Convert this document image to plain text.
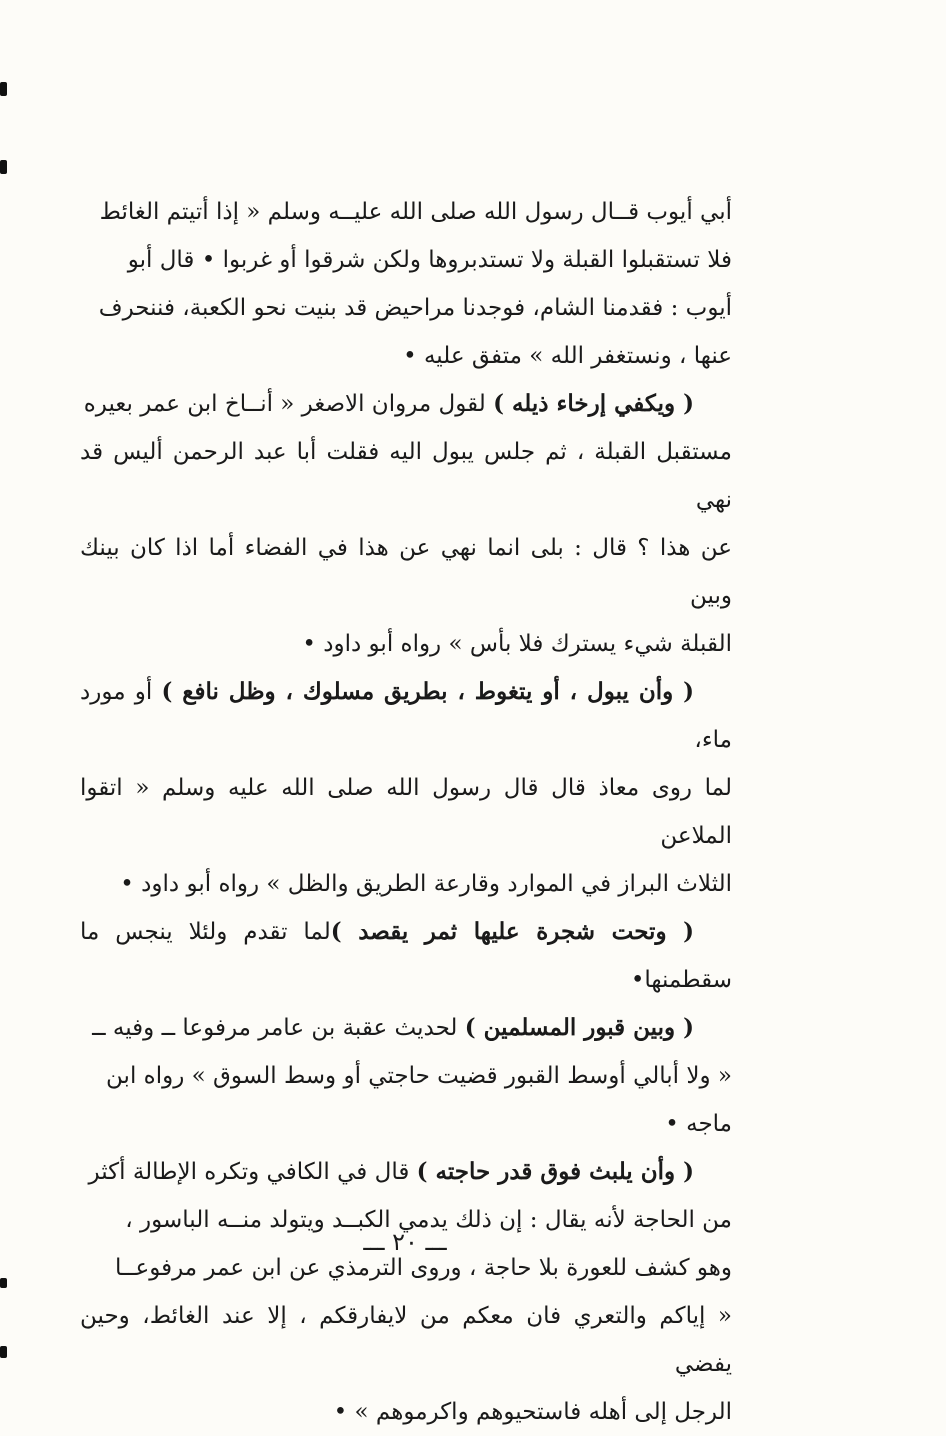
أبي أيوب قــال رسول الله صلى الله عليــه وسلم « إذا أتيتم الغائط
فلا تستقبلوا القبلة ولا تستدبروها ولكن شرقوا أو غربوا • قال أبو
أيوب : فقدمنا الشام، فوجدنا مراحيض قد بنيت نحو الكعبة، فننحرف
عنها ، ونستغفر الله » متفق عليه •

( ويكفي إرخاء ذيله ) لقول مروان الاصغر « أنــاخ ابن عمر بعيره
مستقبل القبلة ، ثم جلس يبول اليه فقلت أبا عبد الرحمن أليس قد نهي
عن هذا ؟ قال : بلى انما نهي عن هذا في الفضاء أما اذا كان بينك وبين
القبلة شيء يسترك فلا بأس » رواه أبو داود •

( وأن يبول ، أو يتغوط ، بطريق مسلوك ، وظل نافع ) أو مورد ماء،
لما روى معاذ قال قال رسول الله صلى الله عليه وسلم « اتقوا الملاعن
الثلاث البراز في الموارد وقارعة الطريق والظل » رواه أبو داود •

( وتحت شجرة عليها ثمر يقصد )لما تقدم ولئلا ينجس ما سقطمنها•

( وبين قبور المسلمين ) لحديث عقبة بن عامر مرفوعا ــ وفيه ــ
« ولا أبالي أوسط القبور قضيت حاجتي أو وسط السوق » رواه ابن
ماجه •

( وأن يلبث فوق قدر حاجته ) قال في الكافي وتكره الإطالة أكثر
من الحاجة لأنه يقال : إن ذلك يدمي الكبــد ويتولد منــه الباسور ،
وهو كشف للعورة بلا حاجة ، وروى الترمذي عن ابن عمر مرفوعــا
« إياكم والتعري فان معكم من لايفارقكم ، إلا عند الغائط، وحين يفضي
الرجل إلى أهله فاستحيوهم واكرموهم » •

ـــ ٢٠ ـــ
